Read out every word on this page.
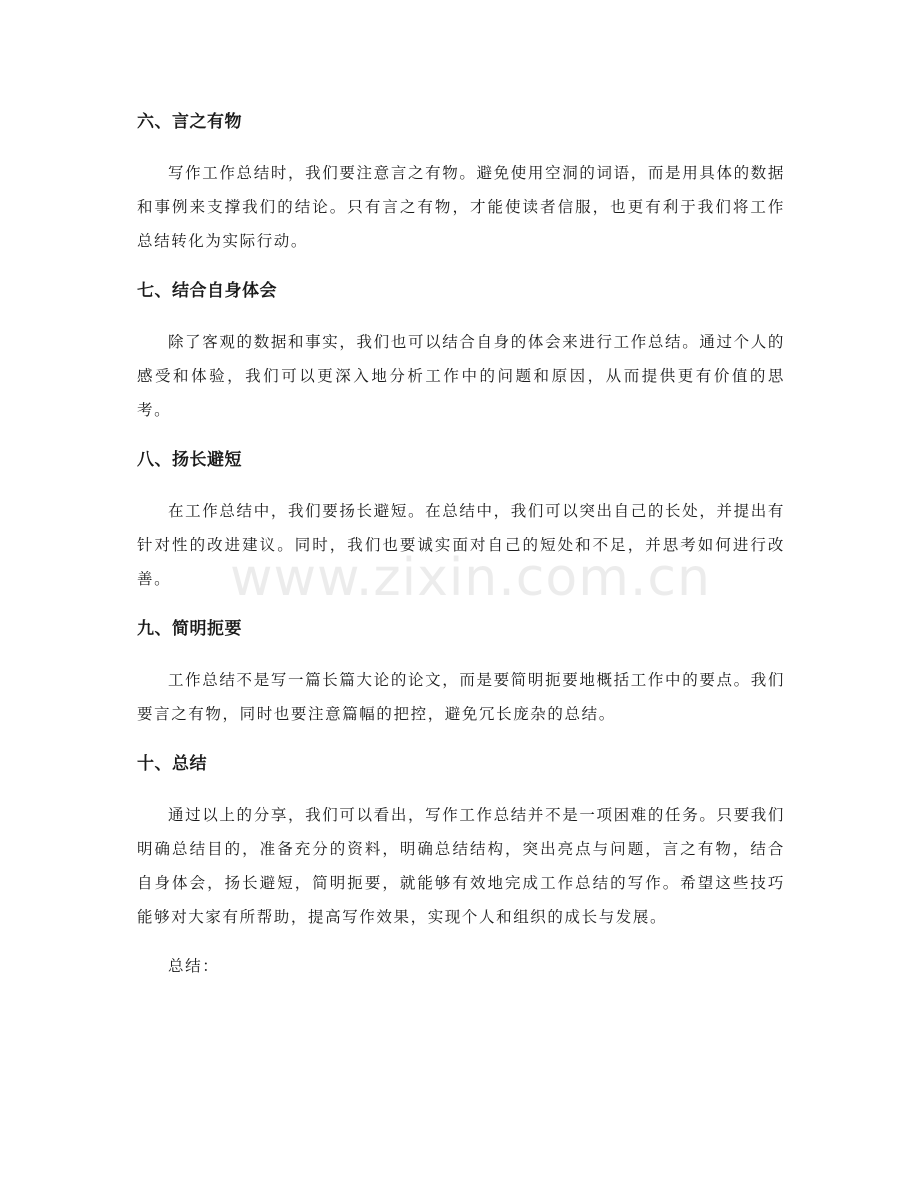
www.zixin.com.cn
六、言之有物

写作工作总结时，我们要注意言之有物。避免使用空洞的词语，而是用具体的数据和事例来支撑我们的结论。只有言之有物，才能使读者信服，也更有利于我们将工作总结转化为实际行动。

七、结合自身体会

除了客观的数据和事实，我们也可以结合自身的体会来进行工作总结。通过个人的感受和体验，我们可以更深入地分析工作中的问题和原因，从而提供更有价值的思考。

八、扬长避短

在工作总结中，我们要扬长避短。在总结中，我们可以突出自己的长处，并提出有针对性的改进建议。同时，我们也要诚实面对自己的短处和不足，并思考如何进行改善。

九、简明扼要

工作总结不是写一篇长篇大论的论文，而是要简明扼要地概括工作中的要点。我们要言之有物，同时也要注意篇幅的把控，避免冗长庞杂的总结。

十、总结

通过以上的分享，我们可以看出，写作工作总结并不是一项困难的任务。只要我们明确总结目的，准备充分的资料，明确总结结构，突出亮点与问题，言之有物，结合自身体会，扬长避短，简明扼要，就能够有效地完成工作总结的写作。希望这些技巧能够对大家有所帮助，提高写作效果，实现个人和组织的成长与发展。

总结：
